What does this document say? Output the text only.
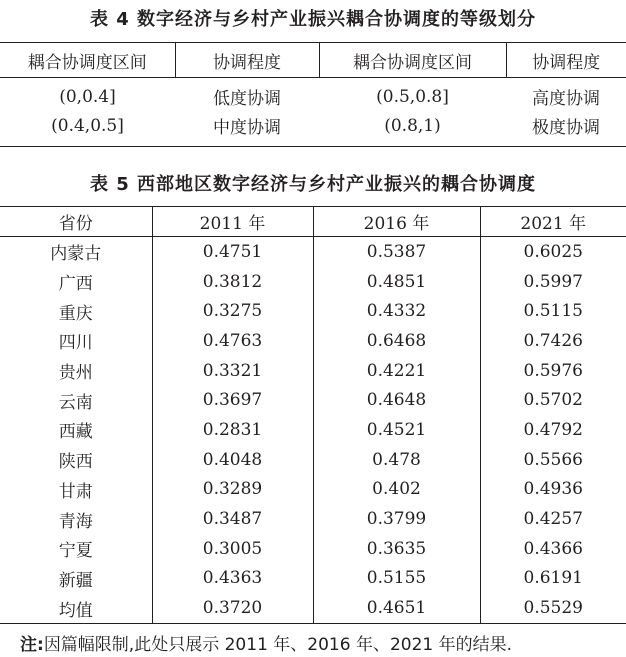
表 4 数字经济与乡村产业振兴耦合协调度的等级划分
耦合协调度区间	协调程度	耦合协调度区间	协调程度
(0,0.4]	低度协调	(0.5,0.8]	高度协调
(0.4,0.5]	中度协调	(0.8,1)	极度协调
表 5 西部地区数字经济与乡村产业振兴的耦合协调度
省份	2011 年	2016 年	2021 年
内蒙古	0.4751	0.5387	0.6025
广西	0.3812	0.4851	0.5997
重庆	0.3275	0.4332	0.5115
四川	0.4763	0.6468	0.7426
贵州	0.3321	0.4221	0.5976
云南	0.3697	0.4648	0.5702
西藏	0.2831	0.4521	0.4792
陕西	0.4048	0.478	0.5566
甘肃	0.3289	0.402	0.4936
青海	0.3487	0.3799	0.4257
宁夏	0.3005	0.3635	0.4366
新疆	0.4363	0.5155	0.6191
均值	0.3720	0.4651	0.5529
注:因篇幅限制,此处只展示 2011 年、2016 年、2021 年的结果.
